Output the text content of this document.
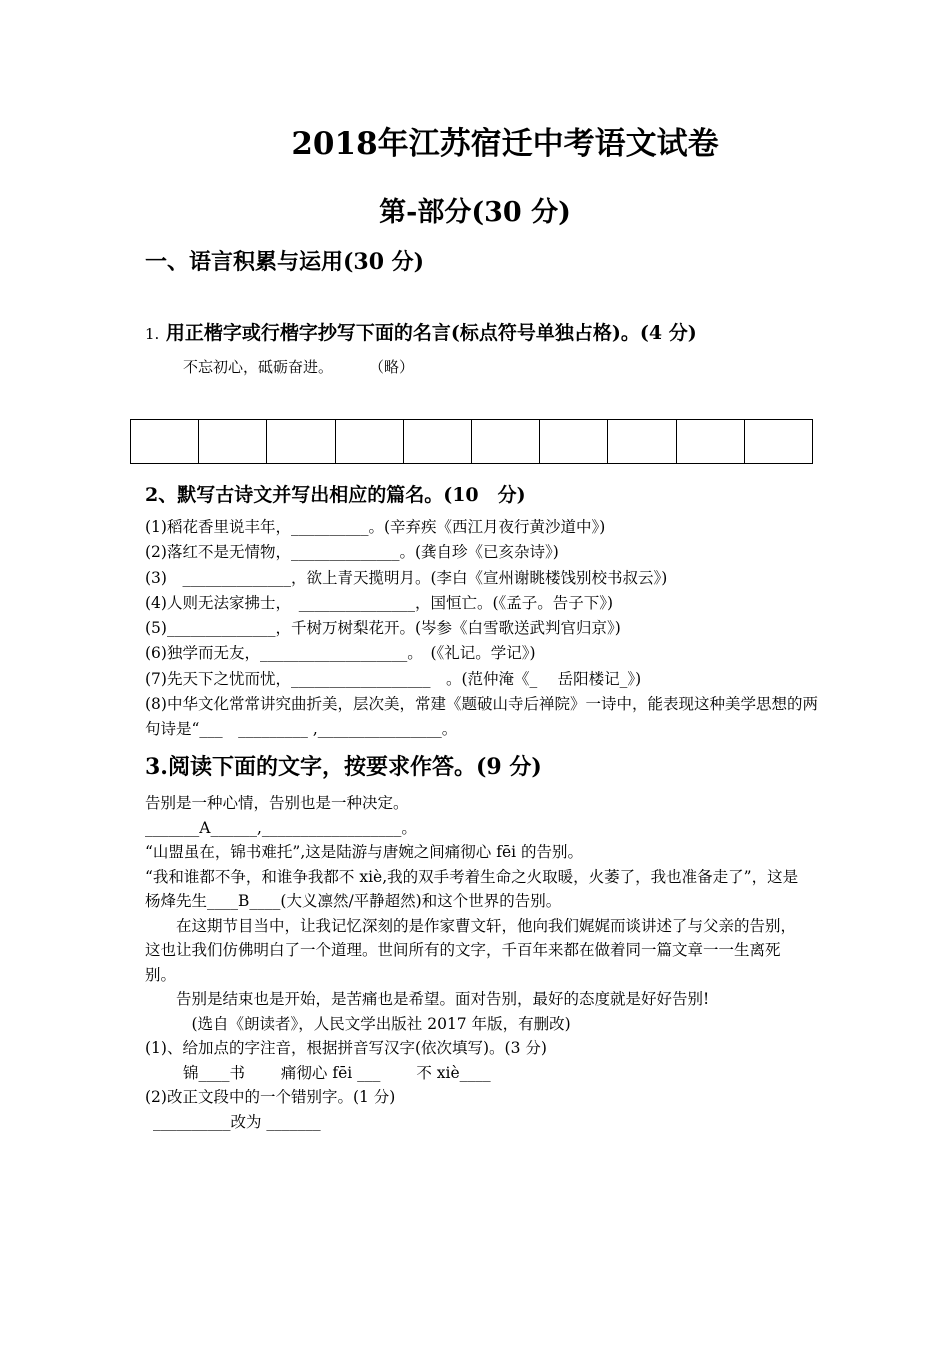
2018年江苏宿迁中考语文试卷
第-部分(30 分)
一、语言积累与运用(30 分)
1. 用正楷字或行楷字抄写下面的名言(标点符号单独占格)。(4 分)
不忘初心，砥砺奋进。 （略）
2、默写古诗文并写出相应的篇名。(10　分)
(1)稻花香里说丰年，__________。(辛弃疾《西江月夜行黄沙道中》)
(2)落红不是无情物，______________。(龚自珍《已亥杂诗》)
(3)　______________，欲上青天揽明月。(李白《宣州谢眺楼饯别校书叔云》)
(4)人则无法家拂士，　_______________，国恒亡。(《孟子。告子下》)
(5)______________，千树万树梨花开。(岑参《白雪歌送武判官归京》)
(6)独学而无友，___________________。　(《礼记。学记》)
(7)先天下之忧而忧，__________________　。(范仲淹《_　 岳阳楼记_》)
(8)中华文化常常讲究曲折美，层次美，常建《题破山寺后禅院》一诗中，能表现这种美学思想的两句诗是“___　_________ ,________________。
3.阅读下面的文字，按要求作答。(9 分)
告别是一种心情，告别也是一种决定。
_______A______,__________________。
“山盟虽在，锦书难托”,这是陆游与唐婉之间痛彻心 fēi 的告别。
“我和谁都不争，和谁争我都不 xiè,我的双手考着生命之火取暖，火萎了，我也准备走了”，这是杨烽先生____B____(大义凛然/平静超然)和这个世界的告别。
在这期节目当中，让我记忆深刻的是作家曹文轩，他向我们娓娓而谈讲述了与父亲的告别，这也让我们仿佛明白了一个道理。世间所有的文字，千百年来都在做着同一篇文章一一生离死别。
告别是结束也是开始，是苦痛也是希望。面对告别，最好的态度就是好好告别!
　(选自《朗读者》，人民文学出版社 2017 年版，有删改)
(1)、给加点的字注音，根据拼音写汉字(依次填写)。(3 分)
锦____书　　 痛彻心 fēi ___　　 不 xiè____
(2)改正文段中的一个错别字。(1 分)
__________改为 _______
